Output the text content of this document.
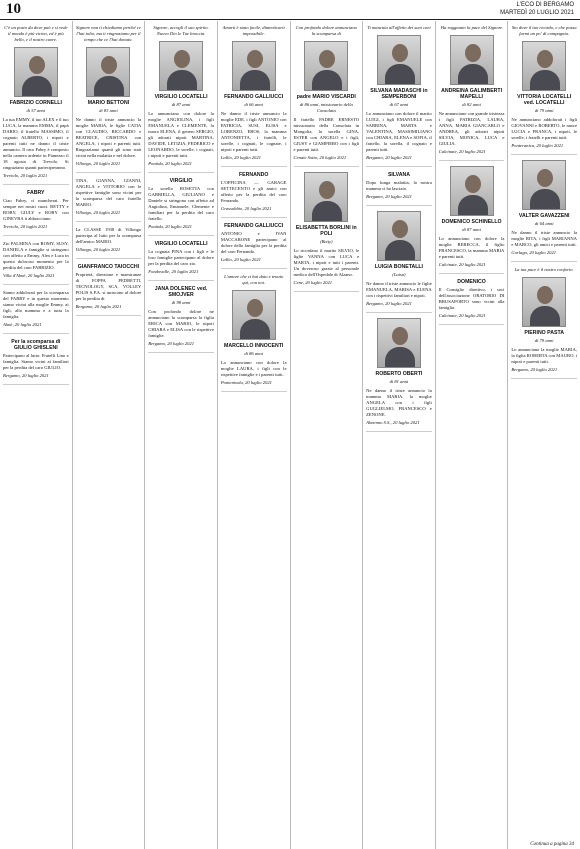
10	L'ECO DI BERGAMO
MARTEDÌ 20 LUGLIO 2021
C'è un posto da dove può e si vede il mondo è più vicino, ed è più bello, e il nostro cuore.
FABRIZIO CORNELLI
di 57 anni
La tua EMMY, il tuo ALEX e il tuo LUCA, la mamma EMMA, il papà DARIO, il fratello MASSIMO, il cognato ALBERTO, i nipoti e parenti tutti ne danno il triste annuncio. Il caro Fabry è composto nella camera ardente in Pianezzo il 18 agosto di Trevolo. Si ringraziano quanti parteciperanno.
Treviolo, 20 luglio 2021
FABRY
Ciao Fabry, ci mancherai. Per sempre nei nostri cuori. BETTY e ROBY, GIULY e ROBY con GINEVRA ti abbracciano.
Treviolo, 20 luglio 2021
Zio PALMINA con ROMY, SUSY, DANIELA e famiglie si stringono con affetto a Emmy, Alex e Luca in questo doloroso momento per la perdita del caro FABRIZIO.
Villa d'Almè, 20 luglio 2021
Siamo addolorati per la scomparsa del FABRY e in questo momento siamo vicini alla moglie Emmy, ai figli, alla mamma e a tutta la famiglia.
Almè, 20 luglio 2021
Per la scomparsa di GIULIO GHISLENI
Partecipano al lutto: Fratelli Lino e famiglia. Siamo vicini ai familiari per la perdita del caro GIULIO.
Bergamo, 20 luglio 2021
Signore non ti chiediamo perché ce l'hai tolto, ma ti ringraziamo per il tempo che ce l'hai donato.
MARIO BETTONI
di 83 anni
Ne danno il triste annuncio la moglie MARIA, le figlie CATIA con CLAUDIO, RICCARDO e BEATRICE, CRISTINA con ANGELA, i nipoti e parenti tutti. Ringraziamo quanti gli sono stati vicini nella malattia e nel dolore.
Villongo, 20 luglio 2021
TINA, GIANNA, GIANNI, ANGELA e VITTORIO con le rispettive famiglie sono vicini per la scomparsa del caro fratello MARIO.
Villongo, 20 luglio 2021
La CLASSE 1938 di Villongo partecipa al lutto per la scomparsa dell'amico MARIO.
Villongo, 20 luglio 2021
GIANFRANCO TAIOCCHI
Proprietà, direzione e maestranze di FOPPA PEDRETTI, TECNOLOGY, SCA, VOLLEY POLIS S.P.A. si uniscono al dolore per la perdita di
Bergamo, 20 luglio 2021
Signore, accogli il suo spirito. Nuovo Dio le Tue braccia.
VIRGILIO LOCATELLI
di 87 anni
Lo annunciano con dolore la moglie ANGIOLINA, i figli EMANUELA e CLEMENTE, la nuora ELENA, il genero SERGIO, gli adorati nipoti MARTINA, DAVIDE, LETIZIA, FEDERICO e LEONARDO, le sorelle, i cognati, i nipoti e parenti tutti.
Pontida, 20 luglio 2021
VIRGILIO
La sorella ROSETTA con GABRIELLA, GIULIANO e Daniele si stringono con affetto ad Angiolina, Emanuele, Clemente e familiari per la perdita del caro fratello.
Pontida, 20 luglio 2021
VIRGILIO LOCATELLI
La cognata PINA con i figli e le loro famiglie partecipano al dolore per la perdita del caro zio.
Fondovalle, 20 luglio 2021
JANA DOLENEC ved. SMOJVER
di 98 anni
Con profondo dolore ne annunciano la scomparsa la figlia ERICA con MARIO, le nipoti CHIARA e ELISA con le rispettive famiglie.
Bergamo, 20 luglio 2021
Amarti è stato facile, dimenticarti impossibile.
FERNANDO GALLIUCCI
di 66 anni
Ne danno il triste annuncio la moglie EDE, i figli ANTONIO con PATRICIA, SUSI, ELISA e LORENZO, EROS, la mamma ANTONIETTA, i fratelli, le sorelle, i cognati, le cognate, i nipoti e parenti tutti.
Lallio, 20 luglio 2021
FERNANDO
L'OFFICINA — GARAGE SETTECENTO e gli amici con affetto per la perdita del caro Fernando.
Grassobbio, 20 luglio 2021
FERNANDO GALLIUCCI
ANTONIO e IVAN MACCARONE partecipano al dolore della famiglia per la perdita del caro Fernando.
Lallio, 20 luglio 2021
L'amore che ci hai dato e tenuto qui, con noi.
MARCELLO INNOCENTI
di 86 anni
Lo annunciano con dolore la moglie LAURA, i figli con le rispettive famiglie e i parenti tutti.
Pontenisola, 20 luglio 2021
Con profondo dolore annunciano la scomparsa di
padre MARIO VISCARDI
di 86 anni, missionario della Consolata
Il fratello PADRE ERNESTO missionario della Consolata in Mongolia, la sorella GINA, ESTER con ANGELO e i figli, GIUSY e GIAMPIERO con i figli e parenti tutti.
Cenate Sotto, 20 luglio 2021
ELISABETTA BORLINI in POLI
(Betty)
Lo ricordano il marito SILVIO, le figlie VANNA con LUCA e MARTA, i nipoti e tutti i parenti. Un doveroso grazie al personale medico dell'Ospedale di Alzano.
Cene, 20 luglio 2021
Ti mancata all'affetto dei suoi cari
SILVANA MADASCHI in SEMPERBONI
di 67 anni
Lo annunciano con dolore il marito LUIGI, i figli EMANUELE con SABRINA, MARTA e VALENTINA, MASSIMILIANO con CHIARA, ELENA e SOFIA, il fratello, la sorella, il cognato e parenti tutti.
Bergamo, 20 luglio 2021
SILVANA
Dopo lunga malattia, la nostra mamma ci ha lasciato.
Bergamo, 20 luglio 2021
LUIGIA BONETALLI
(Luisa)
Ne danno il triste annuncio le figlie EMANUELA, MARISA e ELENA con i rispettivi familiari e nipoti.
Bergamo, 20 luglio 2021
ROBERTO OBERTI
di 81 anni
Ne danno il triste annuncio la mamma MARIA, la moglie ANGELA con i figli GUGLIELMO, FRANCESCO e ZENONE.
Almenno S.S., 20 luglio 2021
Ha raggiunto la pace del Signore
ANDREINA GALIMBERTI MAPELLI
di 82 anni
Ne annunciano con grande tristezza i figli PATRIZIA, LAURA, ANNA, MARIA GIANCARLO e ANDREA, gli adorati nipoti SILVIA, MONICA, LUCA e GIULIA.
Calcinate, 20 luglio 2021
DOMENICO SCHINELLO
di 87 anni
Lo annunciano con dolore la moglie REBECCA, il figlio FRANCESCO, la mamma MARIA e parenti tutti.
Calcinate, 20 luglio 2021
DOMENICO
Il Consiglio direttivo, i soci dell'associazione ORATORIO DI BRUSAPORTO sono vicini alla famiglia.
Calcinate, 20 luglio 2021
Sto dove il tuo ricordo, e che possa farmi un po' di compagnia.
VITTORIA LOCATELLI ved. LOCATELLI
di 79 anni
Ne annunciano addolorati i figli GIOVANNI e ROBERTO, le nuore LUCIA e FRANCA, i nipoti, le sorelle, i fratelli e parenti tutti.
Ponteranica, 20 luglio 2021
VALTER GAVAZZENI
di 64 anni
Ne danno il triste annuncio la moglie RITA, i figli MARIANNA e MARCO, gli amici e parenti tutti.
Gorlago, 20 luglio 2021
La tua pace è il nostro conforto.
PIERINO PASTA
di 79 anni
Lo annunciano la moglie MARIA, la figlia ROBERTA con MAURO, i nipoti e parenti tutti.
Bergamo, 20 luglio 2021
Continua a pagina 34
